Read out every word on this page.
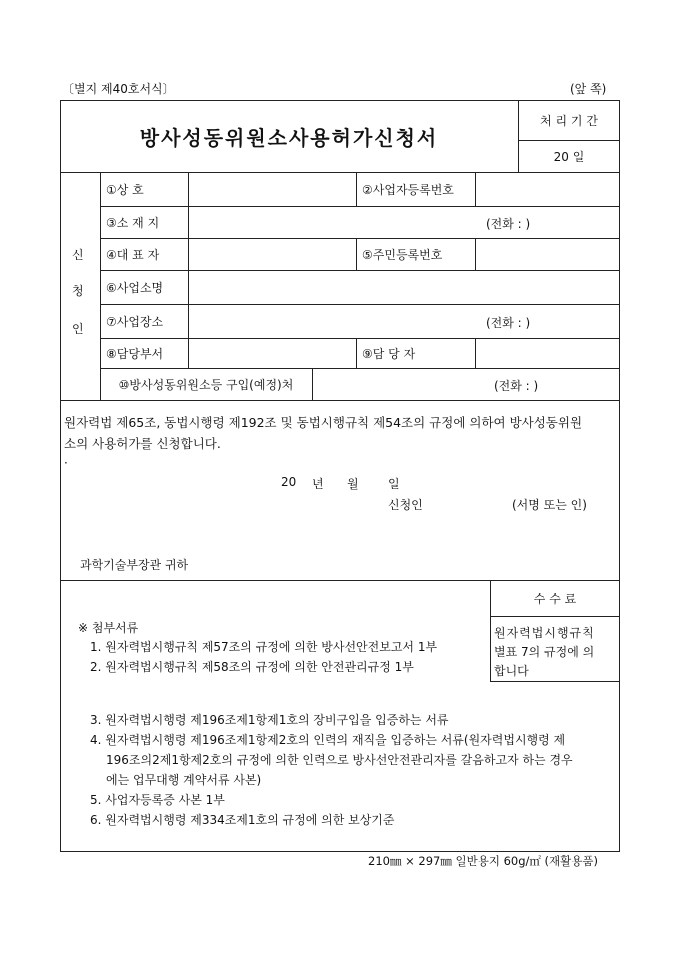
〔별지 제40호서식〕	(앞 쪽)
방사성동위원소사용허가신청서
처 리 기 간
20 일
신
청
인
①상 호	②사업자등록번호
③소 재 지	(전화 : )
④대 표 자	⑤주민등록번호
⑥사업소명
⑦사업장소	(전화 : )
⑧담당부서	⑨담 당 자
⑩방사성동위원소등 구입(예정)처	(전화 : )
원자력법 제65조, 동법시행령 제192조 및 동법시행규칙 제54조의 규정에 의하여 방사성동위원
소의 사용허가를 신청합니다.
·
20 년 월 일
신청인	(서명 또는 인)
과학기술부장관 귀하
수 수 료
원자력법시행규칙
별표 7의 규정에 의
합니다
※ 첨부서류
1. 원자력법시행규칙 제57조의 규정에 의한 방사선안전보고서 1부
2. 원자력법시행규칙 제58조의 규정에 의한 안전관리규정 1부
3. 원자력법시행령 제196조제1항제1호의 장비구입을 입증하는 서류
4. 원자력법시행령 제196조제1항제2호의 인력의 재직을 입증하는 서류(원자력법시행령 제
196조의2제1항제2호의 규정에 의한 인력으로 방사선안전관리자를 갈음하고자 하는 경우
에는 업무대행 계약서류 사본)
5. 사업자등록증 사본 1부
6. 원자력법시행령 제334조제1호의 규정에 의한 보상기준
210㎜ × 297㎜ 일반용지 60g/㎡ (재활용품)
